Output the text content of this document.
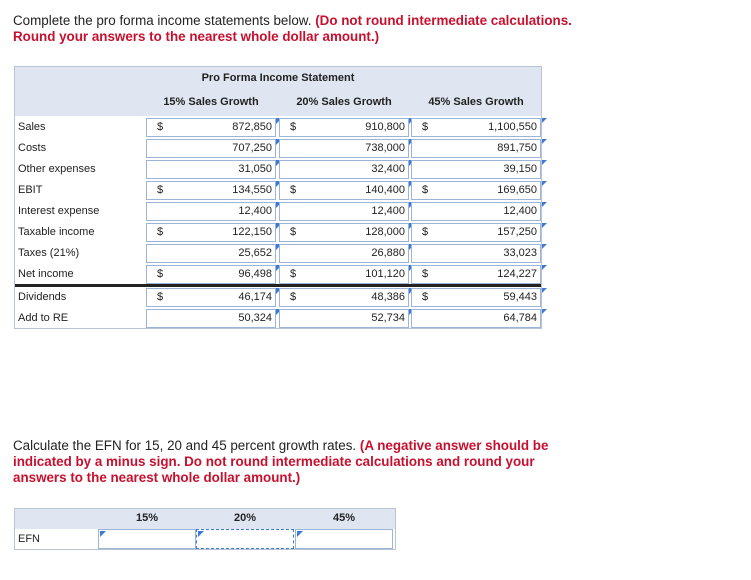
Complete the pro forma income statements below. (Do not round intermediate calculations. Round your answers to the nearest whole dollar amount.)
Pro Forma Income Statement
15% Sales Growth	20% Sales Growth	45% Sales Growth
Sales	$	872,850 $	910,800 $	1,100,550
Costs	707,250	738,000	891,750
Other expenses	31,050	32,400	39,150
EBIT	$	134,550 $	140,400 $	169,650
Interest expense	12,400	12,400	12,400
Taxable income	$	122,150 $	128,000 $	157,250
Taxes (21%)	25,652	26,880	33,023
Net income	$	96,498 $	101,120 $	124,227
Dividends	$	46,174 $	48,386 $	59,443
Add to RE	50,324	52,734	64,784
Calculate the EFN for 15, 20 and 45 percent growth rates. (A negative answer should be indicated by a minus sign. Do not round intermediate calculations and round your answers to the nearest whole dollar amount.)
15%	20%	45%
EFN
